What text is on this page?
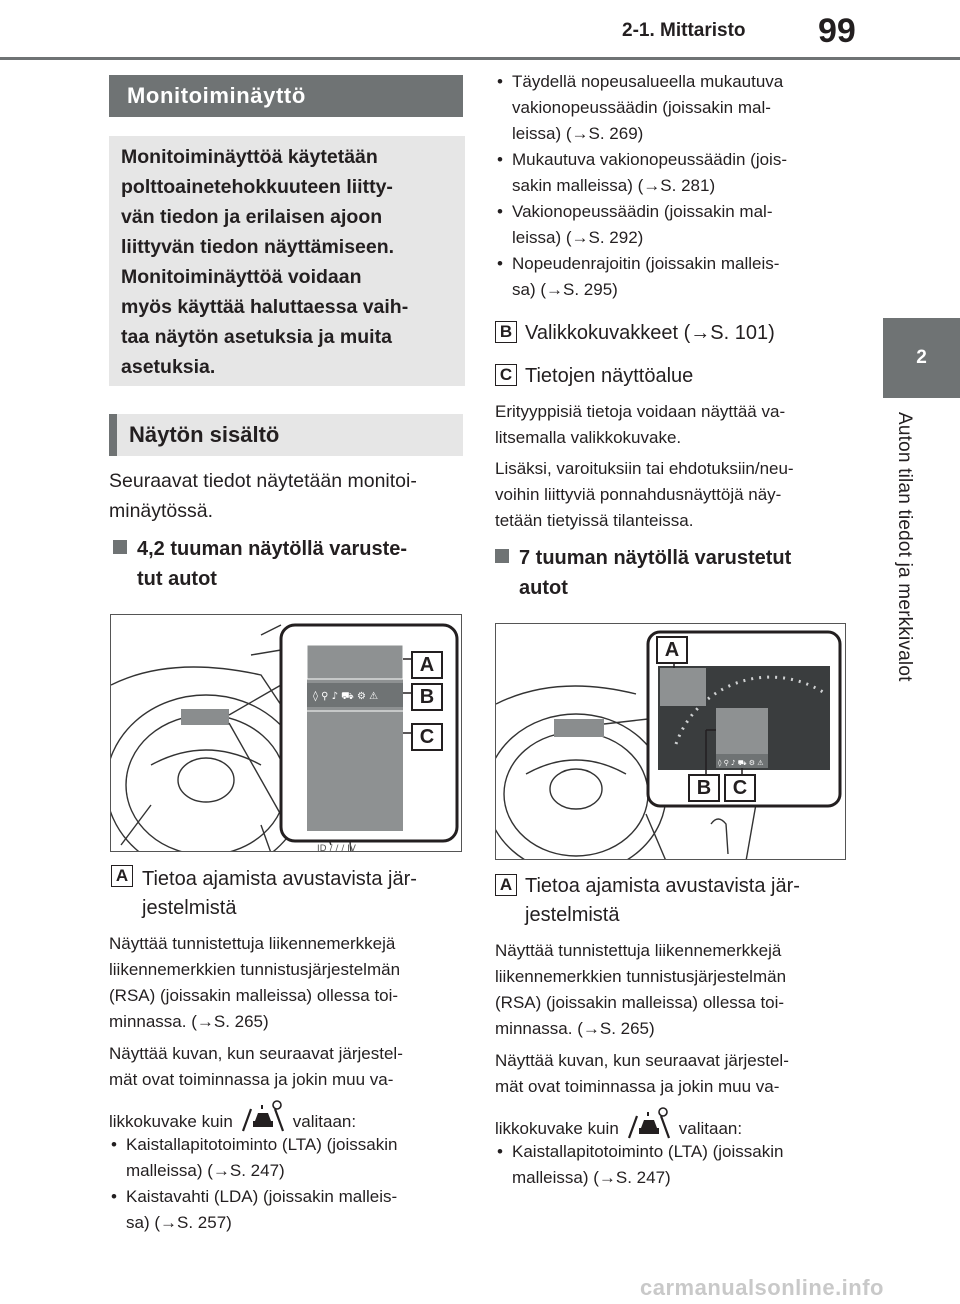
2-1. Mittaristo 99
2
Auton tilan tiedot ja merkkivalot
Monitoiminäyttö
Monitoiminäyttöä käytetään
polttoainetehokkuuteen liitty-
vän tiedon ja erilaisen ajoon
liittyvän tiedon näyttämiseen.
Monitoiminäyttöä voidaan
myös käyttää haluttaessa vaih-
taa näytön asetuksia ja muita
asetuksia.
Näytön sisältö
Seuraavat tiedot näytetään monitoi-
minäytössä.
4,2 tuuman näytöllä varuste-
tut autot
◊ ⚲ ♪ ⛟ ⚙ ⚠
ID / / / IV
A
B
C
A Tietoa ajamista avustavista jär-
jestelmistä
Näyttää tunnistettuja liikennemerkkejä
liikennemerkkien tunnistusjärjestelmän
(RSA) (joissakin malleissa) ollessa toi-
minnassa. (→S. 265)
Näyttää kuvan, kun seuraavat järjestel-
mät ovat toiminnassa ja jokin muu va-
likkokuvake kuin	valitaan:
• Kaistallapitotoiminto (LTA) (joissakin
malleissa) (→S. 247)
• Kaistavahti (LDA) (joissakin malleis-
sa) (→S. 257)
• Täydellä nopeusalueella mukautuva
vakionopeussäädin (joissakin mal-
leissa) (→S. 269)
• Mukautuva vakionopeussäädin (jois-
sakin malleissa) (→S. 281)
• Vakionopeussäädin (joissakin mal-
leissa) (→S. 292)
• Nopeudenrajoitin (joissakin malleis-
sa) (→S. 295)
B Valikkokuvakkeet (→S. 101)
C Tietojen näyttöalue
Erityyppisiä tietoja voidaan näyttää va-
litsemalla valikkokuvake.
Lisäksi, varoituksiin tai ehdotuksiin/neu-
voihin liittyviä ponnahdusnäyttöjä näy-
tetään tietyissä tilanteissa.
7 tuuman näytöllä varustetut
autot
◊ ⚲ ♪ ⛟ ⚙ ⚠
A
B	C
A Tietoa ajamista avustavista jär-
jestelmistä
Näyttää tunnistettuja liikennemerkkejä
liikennemerkkien tunnistusjärjestelmän
(RSA) (joissakin malleissa) ollessa toi-
minnassa. (→S. 265)
Näyttää kuvan, kun seuraavat järjestel-
mät ovat toiminnassa ja jokin muu va-
likkokuvake kuin	valitaan:
• Kaistallapitotoiminto (LTA) (joissakin
malleissa) (→S. 247)
carmanualsonline.info
